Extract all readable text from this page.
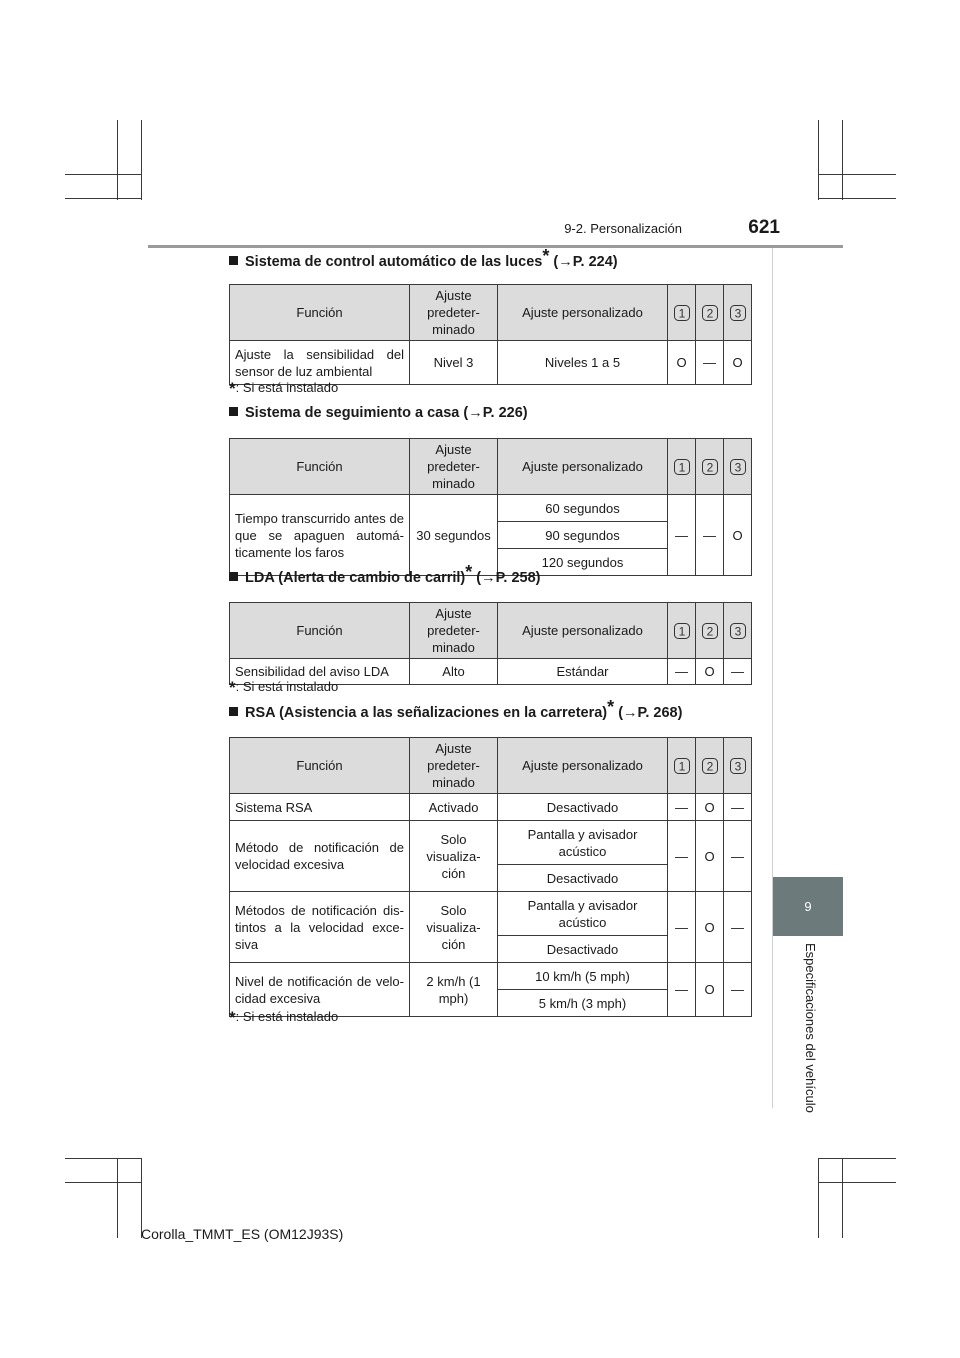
9-2. Personalización	621
9
Especificaciones del vehículo
Sistema de control automático de las luces* (→P. 224)
Función	Ajuste predeter-minado	Ajuste personalizado	1	2	3

Ajuste la sensibilidad del sensor de luz ambiental	Nivel 3	Niveles 1 a 5	O	—	O
*: Si está instalado
Sistema de seguimiento a casa (→P. 226)
Función	Ajuste predeter-minado	Ajuste personalizado	1	2	3

Tiempo transcurrido antes de que se apaguen automá-ticamente los faros	30 segundos	60 segundos	—	—	O
		90 segundos			
		120 segundos			
LDA (Alerta de cambio de carril)* (→P. 258)
Función	Ajuste predeter-minado	Ajuste personalizado	1	2	3

Sensibilidad del aviso LDA	Alto	Estándar	—	O	—
*: Si está instalado
RSA (Asistencia a las señalizaciones en la carretera)* (→P. 268)
Función	Ajuste predeter-minado	Ajuste personalizado	1	2	3

Sistema RSA	Activado	Desactivado	—	O	—
Método de notificación de velocidad excesiva	Solo visualiza-ción	Pantalla y avisador acústico	—	O	—
		Desactivado			
Métodos de notificación dis-tintos a la velocidad exce-siva	Solo visualiza-ción	Pantalla y avisador acústico	—	O	—
		Desactivado			
Nivel de notificación de velo-cidad excesiva	2 km/h (1 mph)	10 km/h (5 mph)	—	O	—
		5 km/h (3 mph)			
*: Si está instalado
Corolla_TMMT_ES (OM12J93S)
